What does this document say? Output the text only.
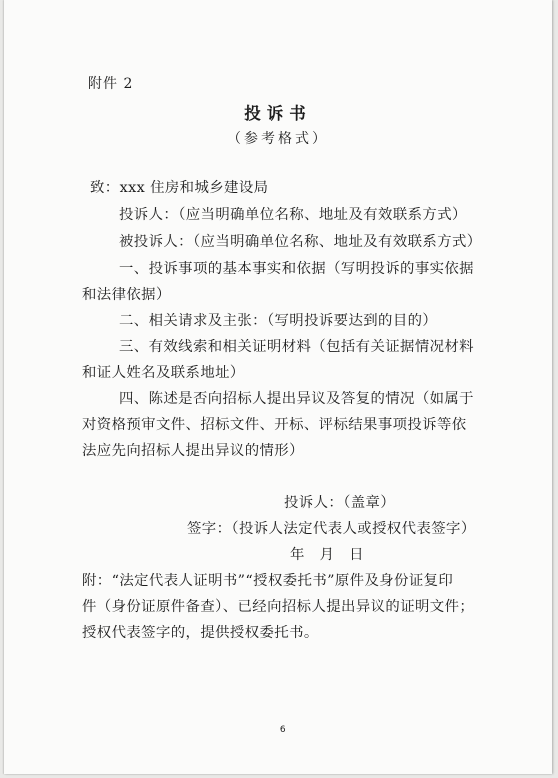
附件 2
投诉书
（参考格式）
致：xxx 住房和城乡建设局
投诉人：（应当明确单位名称、地址及有效联系方式）
被投诉人：（应当明确单位名称、地址及有效联系方式）
一、投诉事项的基本事实和依据（写明投诉的事实依据
和法律依据）
二、相关请求及主张：（写明投诉要达到的目的）
三、有效线索和相关证明材料（包括有关证据情况材料
和证人姓名及联系地址）
四、陈述是否向招标人提出异议及答复的情况（如属于
对资格预审文件、招标文件、开标、评标结果事项投诉等依
法应先向招标人提出异议的情形）
投诉人：（盖章）
签字：（投诉人法定代表人或授权代表签字）
年　月　日
附：“法定代表人证明书”“授权委托书”原件及身份证复印
件（身份证原件备查）、已经向招标人提出异议的证明文件；
授权代表签字的，提供授权委托书。
6
